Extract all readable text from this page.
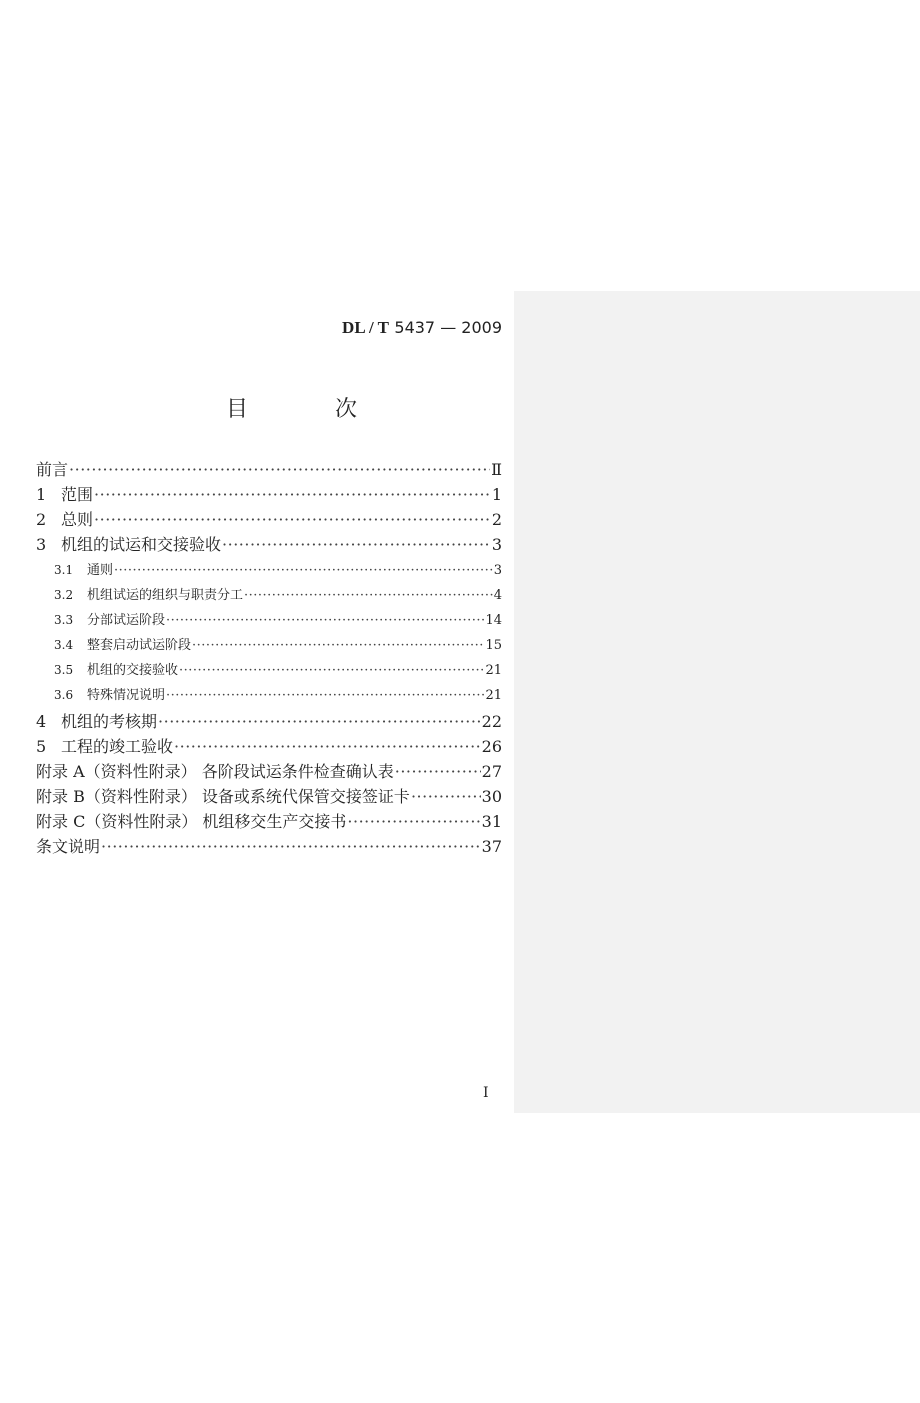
DL / T 5437 — 2009
目 次
前言 ·····	Ⅱ
1 范围 ·····	1
2 总则 ·····	2
3 机组的试运和交接验收 ·····	3
3.1	通则 ·····	3
3.2	机组试运的组织与职责分工 ·····	4
3.3	分部试运阶段 ·····	14
3.4	整套启动试运阶段 ·····	15
3.5	机组的交接验收 ·····	21
3.6	特殊情况说明 ·····	21
4 机组的考核期 ·····	22
5 工程的竣工验收 ·····	26
附录 A（资料性附录） 各阶段试运条件检查确认表 ·····	27
附录 B（资料性附录） 设备或系统代保管交接签证卡 ·····	30
附录 C（资料性附录） 机组移交生产交接书 ·····	31
条文说明 ·····	37
I
